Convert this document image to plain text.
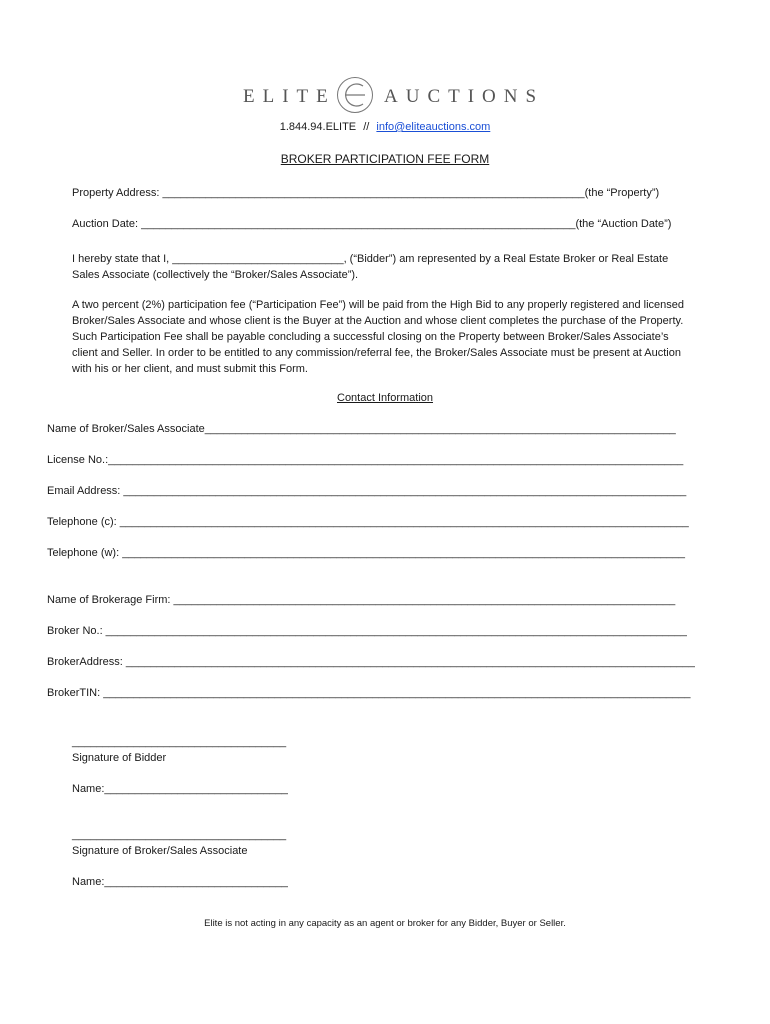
ELITE	AUCTIONS
1.844.94.ELITE // info@eliteauctions.com
BROKER PARTICIPATION FEE FORM
Property Address: _____________________________________________________________________(the “Property”)
Auction Date: _______________________________________________________________________(the “Auction Date”)
I hereby state that I, ____________________________, (“Bidder”) am represented by a Real Estate Broker or Real Estate Sales Associate (collectively the “Broker/Sales Associate”).
A two percent (2%) participation fee (“Participation Fee”) will be paid from the High Bid to any properly registered and licensed Broker/Sales Associate and whose client is the Buyer at the Auction and whose client completes the purchase of the Property. Such Participation Fee shall be payable concluding a successful closing on the Property between Broker/Sales Associate’s client and Seller. In order to be entitled to any commission/referral fee, the Broker/Sales Associate must be present at Auction with his or her client, and must submit this Form.
Contact Information
Name of Broker/Sales Associate_____________________________________________________________________________
License No.:______________________________________________________________________________________________
Email Address: ____________________________________________________________________________________________
Telephone (c): _____________________________________________________________________________________________
Telephone (w): ____________________________________________________________________________________________
Name of Brokerage Firm: __________________________________________________________________________________
Broker No.: _______________________________________________________________________________________________
BrokerAddress: _____________________________________________________________________________________________
BrokerTIN: ________________________________________________________________________________________________
___________________________________
Signature of Bidder
Name:______________________________
___________________________________
Signature of Broker/Sales Associate
Name:______________________________
Elite is not acting in any capacity as an agent or broker for any Bidder, Buyer or Seller.
